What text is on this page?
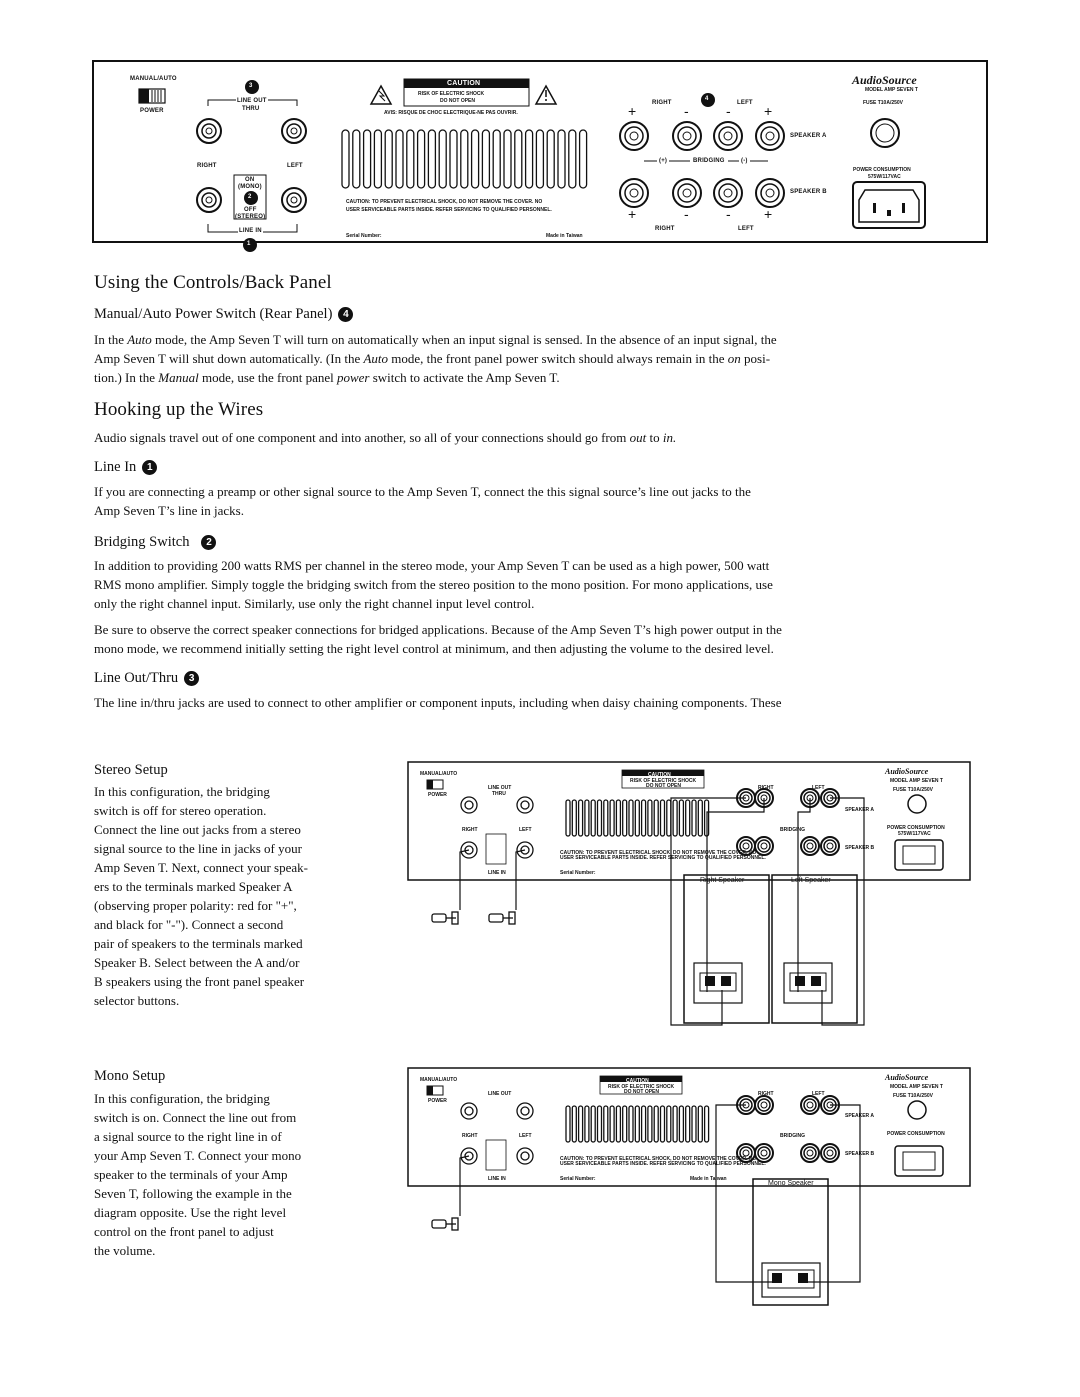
MANUAL/AUTO
POWER
3
LINE OUT
THRU
RIGHT	LEFT
ON
(MONO)
2
OFF
(STEREO)
LINE IN
1
CAUTION
RISK OF ELECTRIC SHOCK
DO NOT OPEN
AVIS: RISQUE DE CHOC ELECTRIQUE-NE PAS OUVRIR.
CAUTION: TO PREVENT ELECTRICAL SHOCK, DO NOT REMOVE THE COVER. NO
USER SERVICEABLE PARTS INSIDE. REFER SERVICING TO QUALIFIED PERSONNEL.
Serial Number:	Made in Taiwan
AudioSource
MODEL AMP SEVEN T
FUSE T10A/250V
RIGHT
4
LEFT
SPEAKER A
SPEAKER B
BRIDGING
(+)	(-)
RIGHT	LEFT
POWER CONSUMPTION
575W/117VAC
+	-	- +
+	-	- +
Using the Controls/Back Panel
Manual/Auto Power Switch (Rear Panel) 4
In the Auto mode, the Amp Seven T will turn on automatically when an input signal is sensed. In the absence of an input signal, the
Amp Seven T will shut down automatically. (In the Auto mode, the front panel power switch should always remain in the on posi-
tion.) In the Manual mode, use the front panel power switch to activate the Amp Seven T.
Hooking up the Wires
Audio signals travel out of one component and into another, so all of your connections should go from out to in.
Line In 1
If you are connecting a preamp or other signal source to the Amp Seven T, connect the this signal source’s line out jacks to the
Amp Seven T’s line in jacks.
Bridging Switch 2
In addition to providing 200 watts RMS per channel in the stereo mode, your Amp Seven T can be used as a high power, 500 watt
RMS mono amplifier. Simply toggle the bridging switch from the stereo position to the mono position. For mono applications, use
only the right channel input. Similarly, use only the right channel input level control.
Be sure to observe the correct speaker connections for bridged applications. Because of the Amp Seven T’s high power output in the
mono mode, we recommend initially setting the right level control at minimum, and then adjusting the volume to the desired level.
Line Out/Thru 3
The line in/thru jacks are used to connect to other amplifier or component inputs, including when daisy chaining components. These
Stereo Setup
In this configuration, the bridging
switch is off for stereo operation.
Connect the line out jacks from a stereo
signal source to the line in jacks of your
Amp Seven T. Next, connect your speak-
ers to the terminals marked Speaker A
(observing proper polarity: red for "+",
and black for "-"). Connect a second
pair of speakers to the terminals marked
Speaker B. Select between the A and/or
B speakers using the front panel speaker
selector buttons.
Mono Setup
In this configuration, the bridging
switch is on. Connect the line out from
a signal source to the right line in of
your Amp Seven T. Connect your mono
speaker to the terminals of your Amp
Seven T, following the example in the
diagram opposite. Use the right level
control on the front panel to adjust
the volume.
MANUAL/AUTO
POWER
LINE OUT
THRU
RIGHT	LEFT
LINE IN
CAUTION
RISK OF ELECTRIC SHOCK
DO NOT OPEN
CAUTION: TO PREVENT ELECTRICAL SHOCK, DO NOT REMOVE THE COVER. NO
USER SERVICEABLE PARTS INSIDE. REFER SERVICING TO QUALIFIED PERSONNEL.
Serial Number:
AudioSource
MODEL AMP SEVEN T
FUSE T10A/250V
RIGHT	LEFT
SPEAKER A
SPEAKER B
BRIDGING	POWER CONSUMPTION
575W/117VAC
Right Speaker	Left Speaker
MANUAL/AUTO
POWER
LINE OUT
RIGHT	LEFT
LINE IN
CAUTION
RISK OF ELECTRIC SHOCK
DO NOT OPEN
CAUTION: TO PREVENT ELECTRICAL SHOCK, DO NOT REMOVE THE COVER. NO
USER SERVICEABLE PARTS INSIDE. REFER SERVICING TO QUALIFIED PERSONNEL.
Serial Number:	Made in Taiwan
AudioSource
MODEL AMP SEVEN T
FUSE T10A/250V
RIGHT	LEFT
SPEAKER A
SPEAKER B
BRIDGING	POWER CONSUMPTION
Mono Speaker
